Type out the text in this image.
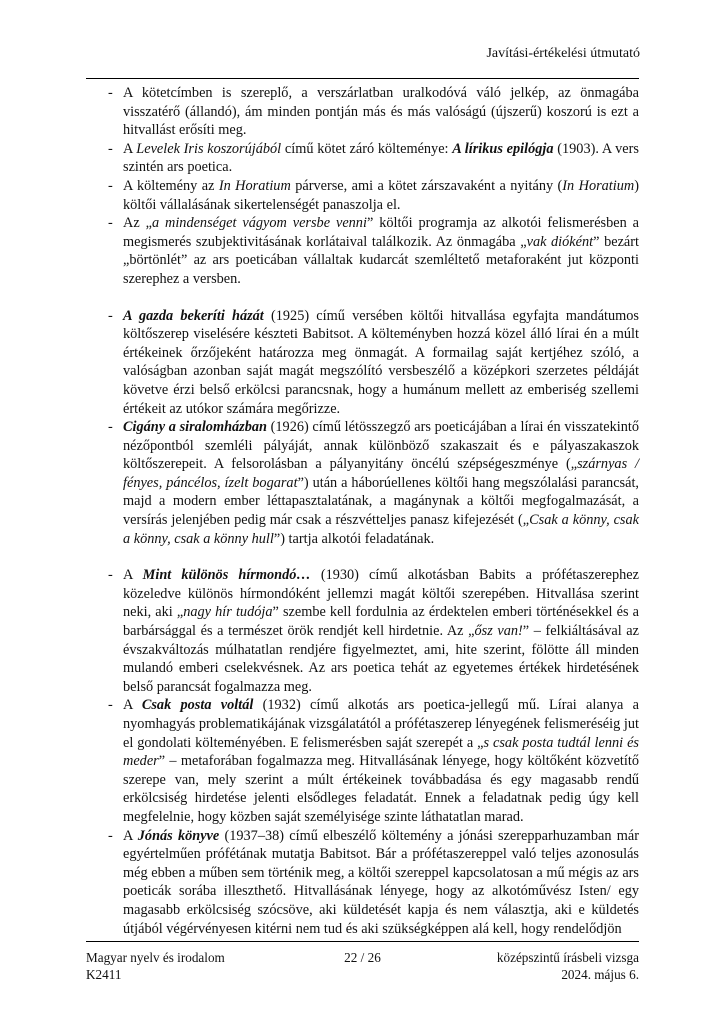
Javítási-értékelési útmutató
- A kötetcímben is szereplő, a verszárlatban uralkodóvá váló jelkép, az önmagába visszatérő (állandó), ám minden pontján más és más valóságú (újszerű) koszorú is ezt a hitvallást erősíti meg.
- A Levelek Iris koszorújából című kötet záró költeménye: A lírikus epilógja (1903). A vers szintén ars poetica.
- A költemény az In Horatium párverse, ami a kötet zárszavaként a nyitány (In Horatium) költői vállalásának sikertelenségét panaszolja el.
- Az „a mindenséget vágyom versbe venni” költői programja az alkotói felismerésben a megismerés szubjektivitásának korlátaival találkozik. Az önmagába „vak dióként” bezárt „börtönlét” az ars poeticában vállaltak kudarcát szemléltető metaforaként jut központi szerephez a versben.
- A gazda bekeríti házát (1925) című versében költői hitvallása egyfajta mandátumos költőszerep viselésére készteti Babitsot. A költeményben hozzá közel álló lírai én a múlt értékeinek őrzőjeként határozza meg önmagát. A formailag saját kertjéhez szóló, a valóságban azonban saját magát megszólító versbeszélő a középkori szerzetes példáját követve érzi belső erkölcsi parancsnak, hogy a humánum mellett az emberiség szellemi értékeit az utókor számára megőrizze.
- Cigány a siralomházban (1926) című létösszegző ars poeticájában a lírai én visszatekintő nézőpontból szemléli pályáját, annak különböző szakaszait és e pályaszakaszok költőszerepeit. A felsorolásban a pályanyitány öncélú szépségeszménye („szárnyas / fényes, páncélos, ízelt bogarat”) után a háborúellenes költői hang megszólalási parancsát, majd a modern ember léttapasztalatának, a magánynak a költői megfogalmazását, a versírás jelenjében pedig már csak a részvétteljes panasz kifejezését („Csak a könny, csak a könny, csak a könny hull”) tartja alkotói feladatának.
- A Mint különös hírmondó… (1930) című alkotásban Babits a prófétaszerephez közeledve különös hírmondóként jellemzi magát költői szerepében. Hitvallása szerint neki, aki „nagy hír tudója” szembe kell fordulnia az érdektelen emberi történésekkel és a barbársággal és a természet örök rendjét kell hirdetnie. Az „ősz van!” – felkiáltásával az évszakváltozás múlhatatlan rendjére figyelmeztet, ami, hite szerint, fölötte áll minden mulandó emberi cselekvésnek. Az ars poetica tehát az egyetemes értékek hirdetésének belső parancsát fogalmazza meg.
- A Csak posta voltál (1932) című alkotás ars poetica-jellegű mű. Lírai alanya a nyomhagyás problematikájának vizsgálatától a prófétaszerep lényegének felismeréséig jut el gondolati költeményében. E felismerésben saját szerepét a „s csak posta tudtál lenni és meder” – metaforában fogalmazza meg. Hitvallásának lényege, hogy költőként közvetítő szerepe van, mely szerint a múlt értékeinek továbbadása és egy magasabb rendű erkölcsiség hirdetése jelenti elsődleges feladatát. Ennek a feladatnak pedig úgy kell megfelelnie, hogy közben saját személyisége szinte láthatatlan marad.
- A Jónás könyve (1937–38) című elbeszélő költemény a jónási szerepparhuzamban már egyértelműen prófétának mutatja Babitsot. Bár a prófétaszereppel való teljes azonosulás még ebben a műben sem történik meg, a költői szereppel kapcsolatosan a mű mégis az ars poeticák sorába illeszthető. Hitvallásának lényege, hogy az alkotóművész Isten/ egy magasabb erkölcsiség szócsöve, aki küldetését kapja és nem választja, aki e küldetés útjából végérvényesen kitérni nem tud és aki szükségképpen alá kell, hogy rendelődjön
Magyar nyelv és irodalom
K2411
22 / 26	középszintű írásbeli vizsga
2024. május 6.
